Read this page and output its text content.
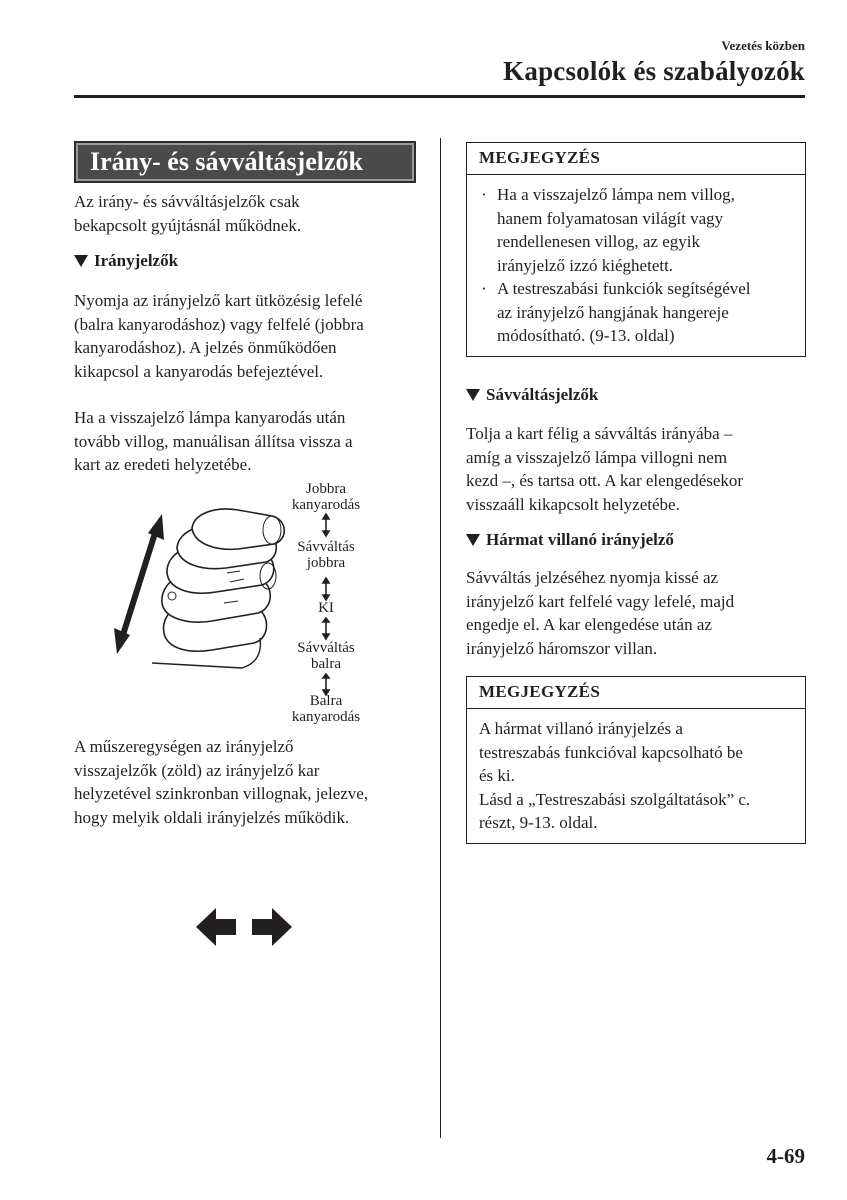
Vezetés közben
Kapcsolók és szabályozók
Irány- és sávváltásjelzők

Az irány- és sávváltásjelzők csak
bekapcsolt gyújtásnál működnek.

Irányjelzők

Nyomja az irányjelző kart ütközésig lefelé
(balra kanyarodáshoz) vagy felfelé (jobbra
kanyarodáshoz). A jelzés önműködően
kikapcsol a kanyarodás befejeztével.

Ha a visszajelző lámpa kanyarodás után
tovább villog, manuálisan állítsa vissza a
kart az eredeti helyzetébe.

Jobbra
kanyarodás
Sávváltás
jobbra
KI
Sávváltás
balra
Balra
kanyarodás

A műszeregységen az irányjelző
visszajelzők (zöld) az irányjelző kar
helyzetével szinkronban villognak, jelezve,
hogy melyik oldali irányjelzés működik.

MEGJEGYZÉS
· Ha a visszajelző lámpa nem villog,
hanem folyamatosan világít vagy
rendellenesen villog, az egyik
irányjelző izzó kiéghetett.
· A testreszabási funkciók segítségével
az irányjelző hangjának hangereje
módosítható. (9-13. oldal)
Sávváltásjelzők

Tolja a kart félig a sávváltás irányába –
amíg a visszajelző lámpa villogni nem
kezd –, és tartsa ott. A kar elengedésekor
visszaáll kikapcsolt helyzetébe.

Hármat villanó irányjelző

Sávváltás jelzéséhez nyomja kissé az
irányjelző kart felfelé vagy lefelé, majd
engedje el. A kar elengedése után az
irányjelző háromszor villan.

MEGJEGYZÉS

A hármat villanó irányjelzés a
testreszabás funkcióval kapcsolható be
és ki.
Lásd a „Testreszabási szolgáltatások” c.
részt, 9-13. oldal.

4-69
